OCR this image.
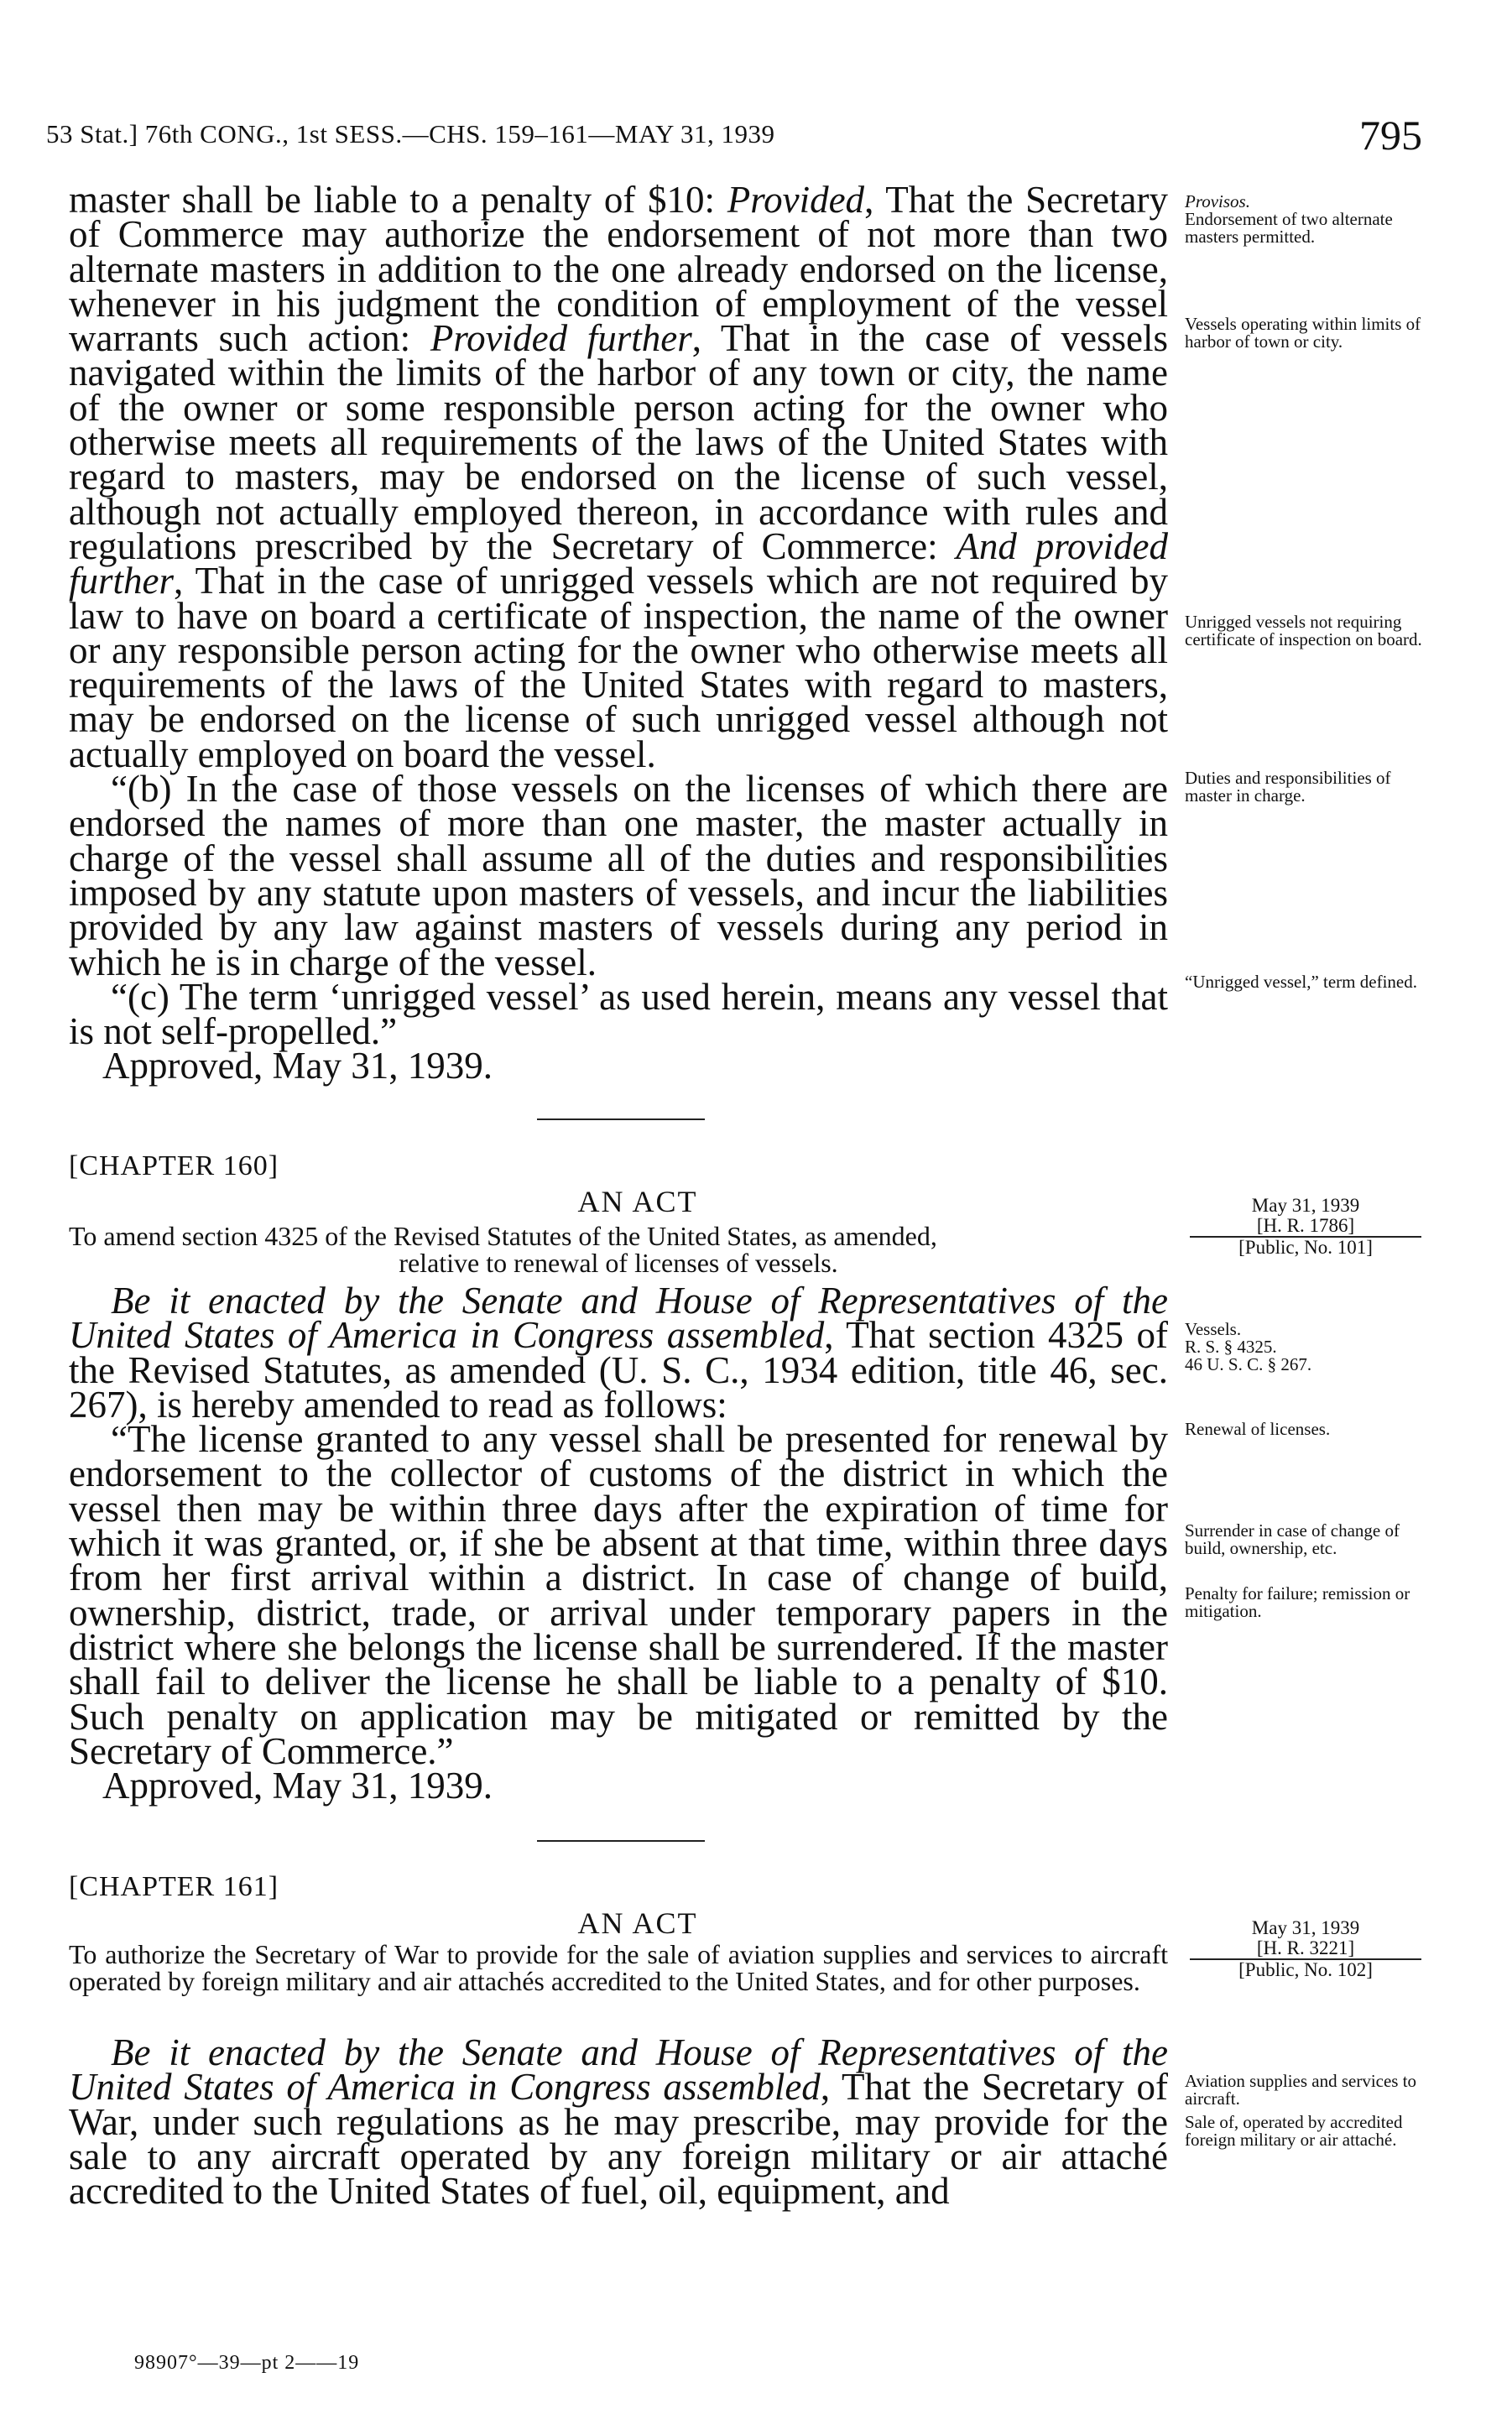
53 Stat.] 76th CONG., 1st SESS.—CHS. 159–161—MAY 31, 1939	795

master shall be liable to a penalty of $10: Provided, That the Secretary of Commerce may authorize the endorsement of not more than two alternate masters in addition to the one already endorsed on the license, whenever in his judgment the condition of employment of the vessel warrants such action: Provided further, That in the case of vessels navigated within the limits of the harbor of any town or city, the name of the owner or some responsible person acting for the owner who otherwise meets all requirements of the laws of the United States with regard to masters, may be endorsed on the license of such vessel, although not actually employed thereon, in accordance with rules and regulations prescribed by the Secretary of Commerce: And provided further, That in the case of unrigged vessels which are not required by law to have on board a certificate of inspection, the name of the owner or any responsible person acting for the owner who otherwise meets all requirements of the laws of the United States with regard to masters, may be endorsed on the license of such unrigged vessel although not actually employed on board the vessel.

“(b) In the case of those vessels on the licenses of which there are endorsed the names of more than one master, the master actually in charge of the vessel shall assume all of the duties and responsibilities imposed by any statute upon masters of vessels, and incur the liabilities provided by any law against masters of vessels during any period in which he is in charge of the vessel.

“(c) The term ‘unrigged vessel’ as used herein, means any vessel that is not self-propelled.”

Approved, May 31, 1939.

Provisos.

Endorsement of two alternate masters permitted.

Vessels operating within limits of harbor of town or city.
Unrigged vessels not requiring certificate of inspection on board.
Duties and responsibilities of master in charge.
“Unrigged vessel,” term defined.
[CHAPTER 160]
AN ACT

To amend section 4325 of the Revised Statutes of the United States, as amended,

relative to renewal of licenses of vessels.

May 31, 1939

[H. R. 1786]

[Public, No. 101]

Be it enacted by the Senate and House of Representatives of the United States of America in Congress assembled, That section 4325 of the Revised Statutes, as amended (U. S. C., 1934 edition, title 46, sec. 267), is hereby amended to read as follows:

“The license granted to any vessel shall be presented for renewal by endorsement to the collector of customs of the district in which the vessel then may be within three days after the expiration of time for which it was granted, or, if she be absent at that time, within three days from her first arrival within a district. In case of change of build, ownership, district, trade, or arrival under temporary papers in the district where she belongs the license shall be surrendered. If the master shall fail to deliver the license he shall be liable to a penalty of $10. Such penalty on application may be mitigated or remitted by the Secretary of Commerce.”

Approved, May 31, 1939.

Vessels.

R. S. § 4325.

46 U. S. C. § 267.

Renewal of licenses.
Surrender in case of change of build, ownership, etc.
Penalty for failure; remission or mitigation.
[CHAPTER 161]
AN ACT

To authorize the Secretary of War to provide for the sale of aviation supplies and services to aircraft operated by foreign military and air attachés accredited to the United States, and for other purposes.

May 31, 1939

[H. R. 3221]

[Public, No. 102]

Be it enacted by the Senate and House of Representatives of the United States of America in Congress assembled, That the Secretary of War, under such regulations as he may prescribe, may provide for the sale to any aircraft operated by any foreign military or air attaché accredited to the United States of fuel, oil, equipment, and

Aviation supplies and services to aircraft.
Sale of, operated by accredited foreign military or air attaché.
98907°—39—pt 2——19
